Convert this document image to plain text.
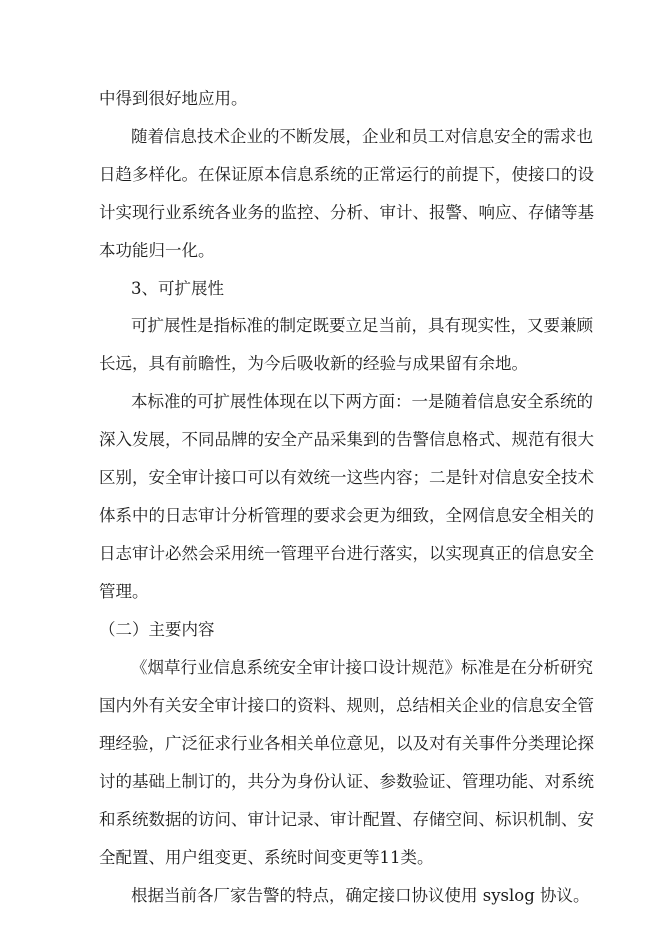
中得到很好地应用。
随着信息技术企业的不断发展，企业和员工对信息安全的需求也
日趋多样化。在保证原本信息系统的正常运行的前提下，使接口的设
计实现行业系统各业务的监控、分析、审计、报警、响应、存储等基
本功能归一化。
3、可扩展性
可扩展性是指标准的制定既要立足当前，具有现实性，又要兼顾
长远，具有前瞻性，为今后吸收新的经验与成果留有余地。
本标准的可扩展性体现在以下两方面：一是随着信息安全系统的
深入发展，不同品牌的安全产品采集到的告警信息格式、规范有很大
区别，安全审计接口可以有效统一这些内容；二是针对信息安全技术
体系中的日志审计分析管理的要求会更为细致，全网信息安全相关的
日志审计必然会采用统一管理平台进行落实，以实现真正的信息安全
管理。
（二）主要内容
《烟草行业信息系统安全审计接口设计规范》标准是在分析研究
国内外有关安全审计接口的资料、规则，总结相关企业的信息安全管
理经验，广泛征求行业各相关单位意见，以及对有关事件分类理论探
讨的基础上制订的，共分为身份认证、参数验证、管理功能、对系统
和系统数据的访问、审计记录、审计配置、存储空间、标识机制、安
全配置、用户组变更、系统时间变更等11类。
根据当前各厂家告警的特点，确定接口协议使用 syslog 协议。
